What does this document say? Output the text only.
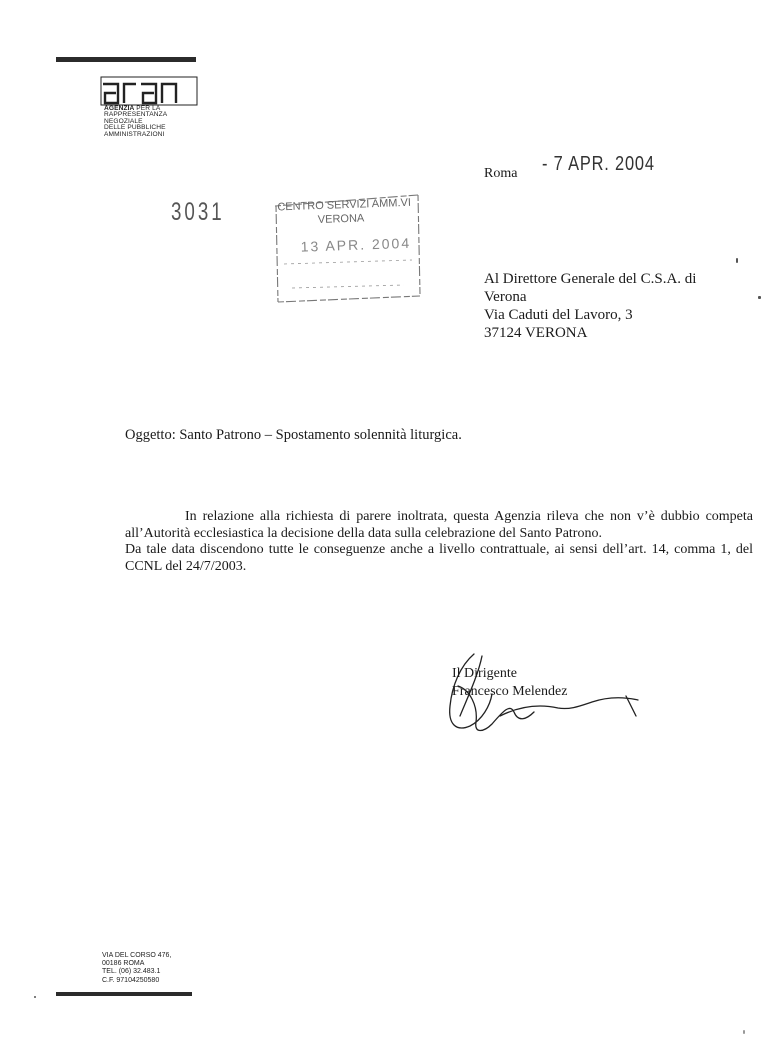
AGENZIA PER LA
RAPPRESENTANZA
NEGOZIALE
DELLE PUBBLICHE
AMMINISTRAZIONI
Roma - 7 APR. 2004
3031	CENTRO SERVIZI AMM.VI
VERONA
13 APR. 2004
Al Direttore Generale del C.S.A. di
Verona
Via Caduti del Lavoro, 3
37124 VERONA
Oggetto: Santo Patrono – Spostamento solennità liturgica.

In relazione alla richiesta di parere inoltrata, questa Agenzia rileva che non v’è dubbio competa all’Autorità ecclesiastica la decisione della data sulla celebrazione del Santo Patrono.

Da tale data discendono tutte le conseguenze anche a livello contrattuale, ai sensi dell’art. 14, comma 1, del CCNL del 24/7/2003.

Il Dirigente
Francesco Melendez
VIA DEL CORSO 476,
00186 ROMA
TEL. (06) 32.483.1
C.F. 97104250580
